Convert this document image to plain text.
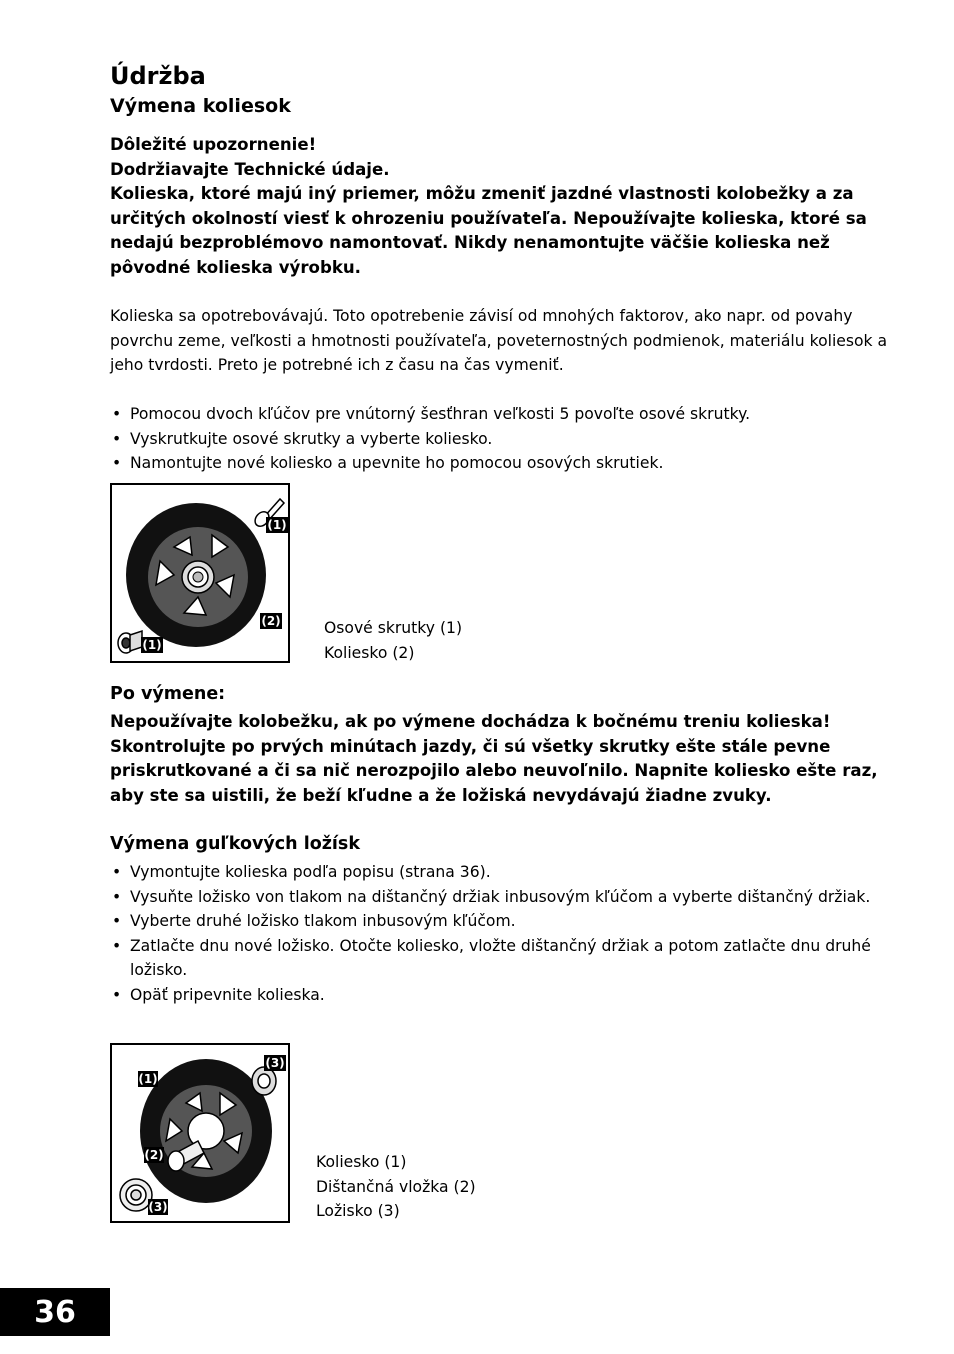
Údržba
Výmena koliesok

Dôležité upozornenie!

Dodržiavajte Technické údaje.

Kolieska, ktoré majú iný priemer, môžu zmeniť jazdné vlastnosti kolobežky a za určitých okolností viesť k ohrozeniu používateľa. Nepoužívajte kolieska, ktoré sa nedajú bezproblémovo namontovať. Nikdy nenamontujte väčšie kolieska než pôvodné kolieska výrobku.

Kolieska sa opotrebovávajú. Toto opotrebenie závisí od mnohých faktorov, ako napr. od povahy povrchu zeme, veľkosti a hmotnosti používateľa, poveternostných podmienok, materiálu koliesok a jeho tvrdosti. Preto je potrebné ich z času na čas vymeniť.

• Pomocou dvoch kľúčov pre vnútorný šesťhran veľkosti 5 povoľte osové skrutky.
• Vyskrutkujte osové skrutky a vyberte koliesko.
• Namontujte nové koliesko a upevnite ho pomocou osových skrutiek.
(1)
(2)
(1)
Osové skrutky (1)
Koliesko (2)
Po výmene:

Nepoužívajte kolobežku, ak po výmene dochádza k bočnému treniu kolieska! Skontrolujte po prvých minútach jazdy, či sú všetky skrutky ešte stále pevne priskrutkované a či sa nič nerozpojilo alebo neuvoľnilo. Napnite koliesko ešte raz, aby ste sa uistili, že beží kľudne a že ložiská nevydávajú žiadne zvuky.

Výmena guľkových ložísk
• Vymontujte kolieska podľa popisu (strana 36).
• Vysuňte ložisko von tlakom na dištančný držiak inbusovým kľúčom a vyberte dištančný držiak.
• Vyberte druhé ložisko tlakom inbusovým kľúčom.
• Zatlačte dnu nové ložisko. Otočte koliesko, vložte dištančný držiak a potom zatlačte dnu druhé ložisko.
• Opäť pripevnite kolieska.
(1)
(3)
(2)
(3)
Koliesko (1)
Dištančná vložka (2)
Ložisko (3)
36
